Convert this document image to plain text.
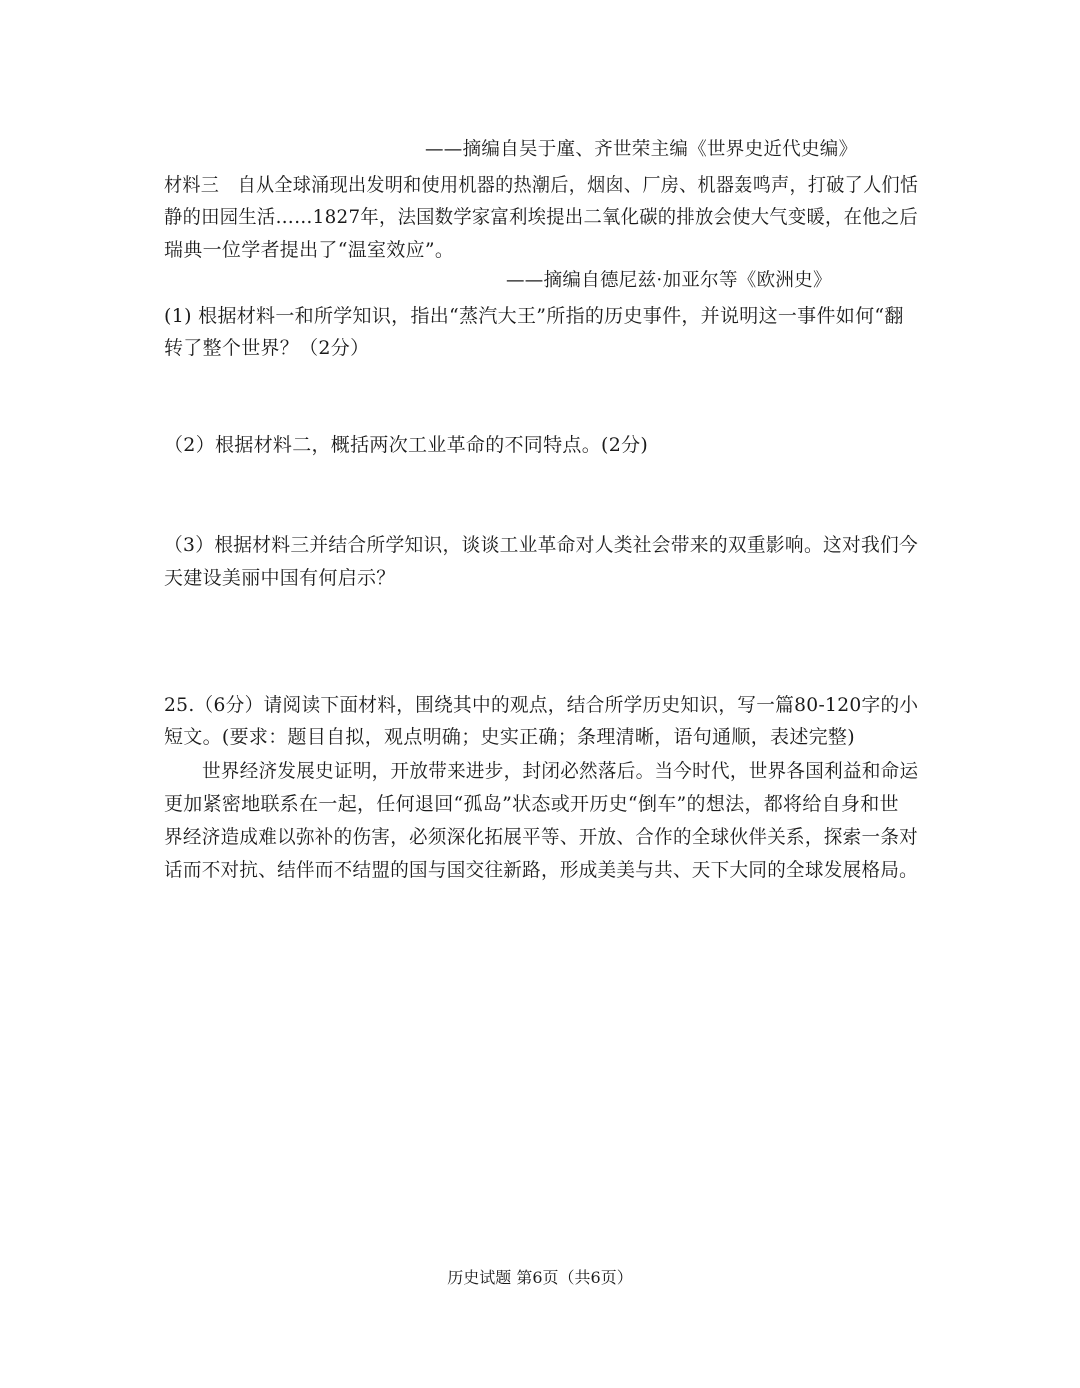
——摘编自吴于廑、齐世荣主编《世界史近代史编》
材料三　自从全球涌现出发明和使用机器的热潮后，烟囱、厂房、机器轰鸣声，打破了人们恬
静的田园生活……1827年，法国数学家富利埃提出二氧化碳的排放会使大气变暖，在他之后
瑞典一位学者提出了“温室效应”。
——摘编自德尼兹·加亚尔等《欧洲史》
(1) 根据材料一和所学知识，指出“蒸汽大王”所指的历史事件，并说明这一事件如何“翻
转了整个世界？（2分）
（2）根据材料二，概括两次工业革命的不同特点。(2分)
（3）根据材料三并结合所学知识，谈谈工业革命对人类社会带来的双重影响。这对我们今
天建设美丽中国有何启示？
25.（6分）请阅读下面材料，围绕其中的观点，结合所学历史知识，写一篇80-120字的小
短文。(要求：题目自拟，观点明确；史实正确；条理清晰，语句通顺，表述完整)
世界经济发展史证明，开放带来进步，封闭必然落后。当今时代，世界各国利益和命运
更加紧密地联系在一起，任何退回“孤岛”状态或开历史“倒车”的想法，都将给自身和世
界经济造成难以弥补的伤害，必须深化拓展平等、开放、合作的全球伙伴关系，探索一条对
话而不对抗、结伴而不结盟的国与国交往新路，形成美美与共、天下大同的全球发展格局。
历史试题 第6页（共6页）
